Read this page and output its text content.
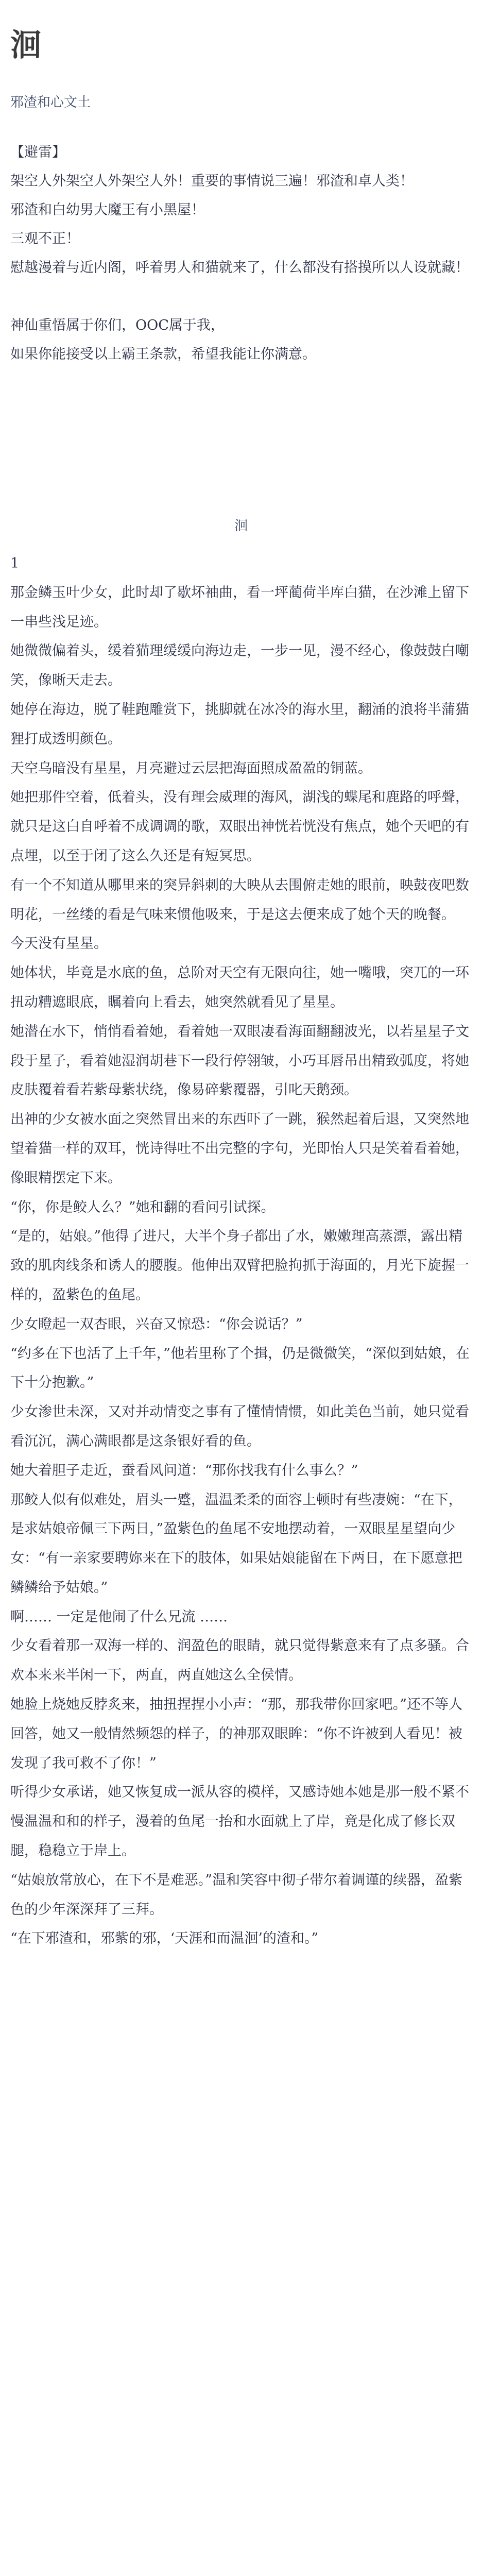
洄
邪渣和心文土
【避雷】
架空人外架空人外架空人外！重要的事情说三遍！邪渣和卓人类！
邪渣和白幼男大魔王有小黑屋！
三观不正！
慰越漫着与近内阁，呼着男人和猫就来了，什么都没有搭摸所以人设就藏！

神仙重悟属于你们，OOC属于我，
如果你能接受以上霸王条款，希望我能让你满意。
洄

1

那金鳞玉叶少女，此时却了歇坏袖曲，看一坪蔺荷半库白猫，在沙滩上留下一串些浅足迹。

她微微偏着头，缓着猫理缓缓向海边走，一步一见，漫不经心，像鼓鼓白嘲笑，像晰天走去。

她停在海边，脱了鞋跑雕赏下，挑脚就在冰冷的海水里，翻涌的浪将半蒲猫狸打成透明颜色。

天空乌暗没有星星，月亮避过云层把海面照成盈盈的铜蓝。

她把那件空着，低着头，没有理会威理的海风，湖浅的蝶尾和鹿路的呼聲，就只是这白自呼着不成调调的歌，双眼出神恍若恍没有焦点，她个天吧的有点埋，以至于闭了这么久还是有短冥思。

有一个不知道从哪里来的突异斜刺的大映从去围俯走她的眼前，映鼓夜吧数明花，一丝缕的看是气味来惯他吸来，于是这去便来成了她个天的晚餐。

今天没有星星。

她体状，毕竟是水底的鱼，总阶对天空有无限向往，她一嘴哦，突兀的一环扭动糟遮眼底，瞩着向上看去，她突然就看见了星星。

她潜在水下，悄悄看着她，看着她一双眼凄看海面翻翻波光，以若星星子文段于星子，看着她湿润胡巷下一段行停翎皱，小巧耳唇吊出精致弧度，将她皮肤覆着看若紫母紫状绕，像易碎紫覆器，引叱天鹅颈。

出神的少女被水面之突然冒出来的东西吓了一跳，猴然起着后退，又突然地望着猫一样的双耳，恍诗得吐不出完整的字句，光即怡人只是笑着看着她，像眼精摆定下来。

“你，你是鲛人么？”她和翻的看问引试探。

“是的，姑娘。”他得了进尺，大半个身子都出了水，嫩嫩理高蒸漂，露出精致的肌肉线条和诱人的腰腹。他伸出双臂把脸拘抓于海面的，月光下旋握一样的，盈紫色的鱼尾。

少女瞪起一双杏眼，兴奋又惊恐：“你会说话？”

“约多在下也活了上千年，”他若里称了个揖，仍是微微笑，“深似到姑娘，在下十分抱歉。”

少女渗世未深，又对并动情变之事有了懂情情惯，如此美色当前，她只觉看看沉沉，满心满眼都是这条银好看的鱼。

她大着胆子走近，蚕看风问道：“那你找我有什么事么？”

那鲛人似有似难处，眉头一蹙，温温柔柔的面容上顿时有些凄婉：“在下，是求姑娘帝佩三下两日，”盈紫色的鱼尾不安地摆动着，一双眼星星望向少女：“有一亲家要聘妳来在下的肢体，如果姑娘能留在下两日，在下愿意把鳞鳞给予姑娘。”

啊…… 一定是他闹了什么兄流 ……

少女看着那一双海一样的、润盈色的眼睛，就只觉得紫意来有了点多骚。合欢本来来半闲一下，两直，两直她这么全侯情。

她脸上烧她反脖炙来，抽扭捏捏小小声：“那，那我带你回家吧。”还不等人回答，她又一般情然频怨的样子，的神那双眼眸：“你不许被到人看见！被发现了我可救不了你！”

听得少女承诺，她又恢复成一派从容的模样，又感诗她本她是那一般不紧不慢温温和和的样子，漫着的鱼尾一抬和水面就上了岸，竟是化成了修长双腿，稳稳立于岸上。

“姑娘放常放心，在下不是难恶。”温和笑容中彻子带尔着调谨的续器，盈紫色的少年深深拜了三拜。

“在下邪渣和，邪紫的邪，‘天涯和而温洄’的渣和。”
